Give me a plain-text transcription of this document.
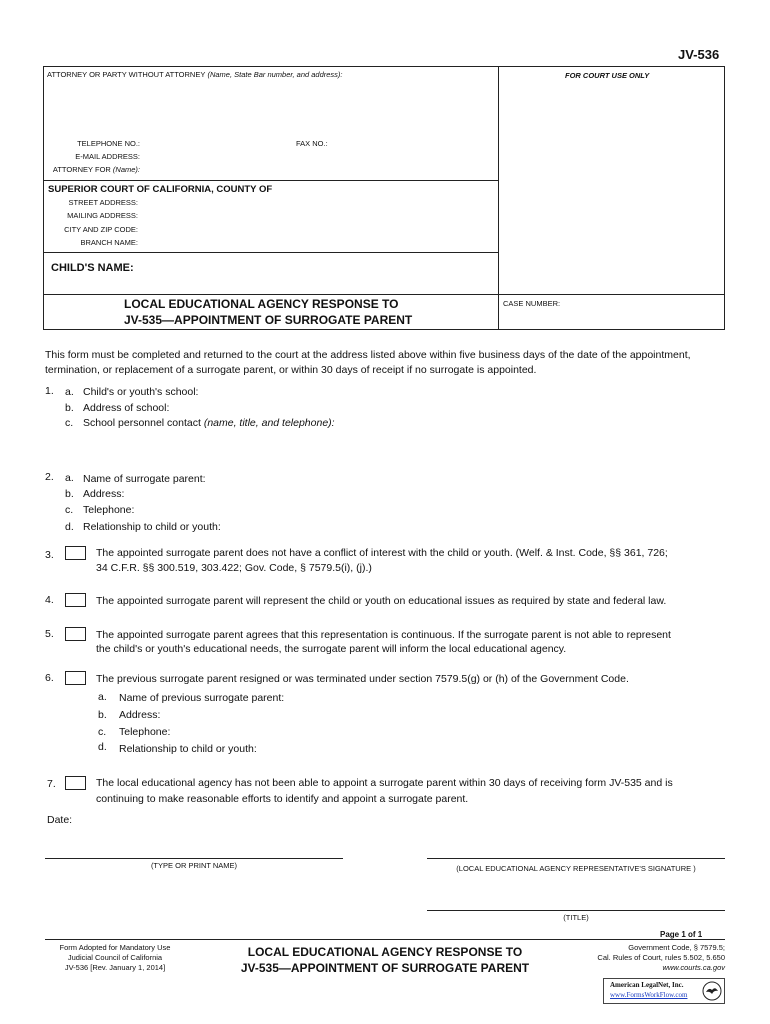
JV-536
ATTORNEY OR PARTY WITHOUT ATTORNEY (Name, State Bar number, and address):	FOR COURT USE ONLY
TELEPHONE NO.:	FAX NO.:
E-MAIL ADDRESS:
ATTORNEY FOR (Name):
SUPERIOR COURT OF CALIFORNIA, COUNTY OF
STREET ADDRESS:
MAILING ADDRESS:
CITY AND ZIP CODE:
BRANCH NAME:
CHILD'S NAME:
LOCAL EDUCATIONAL AGENCY RESPONSE TO
JV-535—APPOINTMENT OF SURROGATE PARENT
CASE NUMBER:
This form must be completed and returned to the court at the address listed above within five business days of the date of the appointment, termination, or replacement of a surrogate parent, or within 30 days of receipt if no surrogate is appointed.
1. a. Child's or youth's school:
b. Address of school:
c. School personnel contact (name, title, and telephone):
2. a. Name of surrogate parent:
b. Address:
c. Telephone:
d. Relationship to child or youth:
3.	The appointed surrogate parent does not have a conflict of interest with the child or youth. (Welf. & Inst. Code, §§ 361, 726;
34 C.F.R. §§ 300.519, 303.422; Gov. Code, § 7579.5(i), (j).)
4.	The appointed surrogate parent will represent the child or youth on educational issues as required by state and federal law.
5.	The appointed surrogate parent agrees that this representation is continuous. If the surrogate parent is not able to represent
the child's or youth's educational needs, the surrogate parent will inform the local educational agency.
6.	The previous surrogate parent resigned or was terminated under section 7579.5(g) or (h) of the Government Code.
a. Name of previous surrogate parent:
b. Address:
c. Telephone:
d. Relationship to child or youth:
7.	The local educational agency has not been able to appoint a surrogate parent within 30 days of receiving form JV-535 and is
continuing to make reasonable efforts to identify and appoint a surrogate parent.
Date:
(TYPE OR PRINT NAME)	(LOCAL EDUCATIONAL AGENCY REPRESENTATIVE'S SIGNATURE )
(TITLE)
Page 1 of 1
Form Adopted for Mandatory Use
Judicial Council of California
JV-536 [Rev. January 1, 2014]
LOCAL EDUCATIONAL AGENCY RESPONSE TO
JV-535—APPOINTMENT OF SURROGATE PARENT
Government Code, § 7579.5;
Cal. Rules of Court, rules 5.502, 5.650
www.courts.ca.gov
American LegalNet, Inc.
www.FormsWorkFlow.com
